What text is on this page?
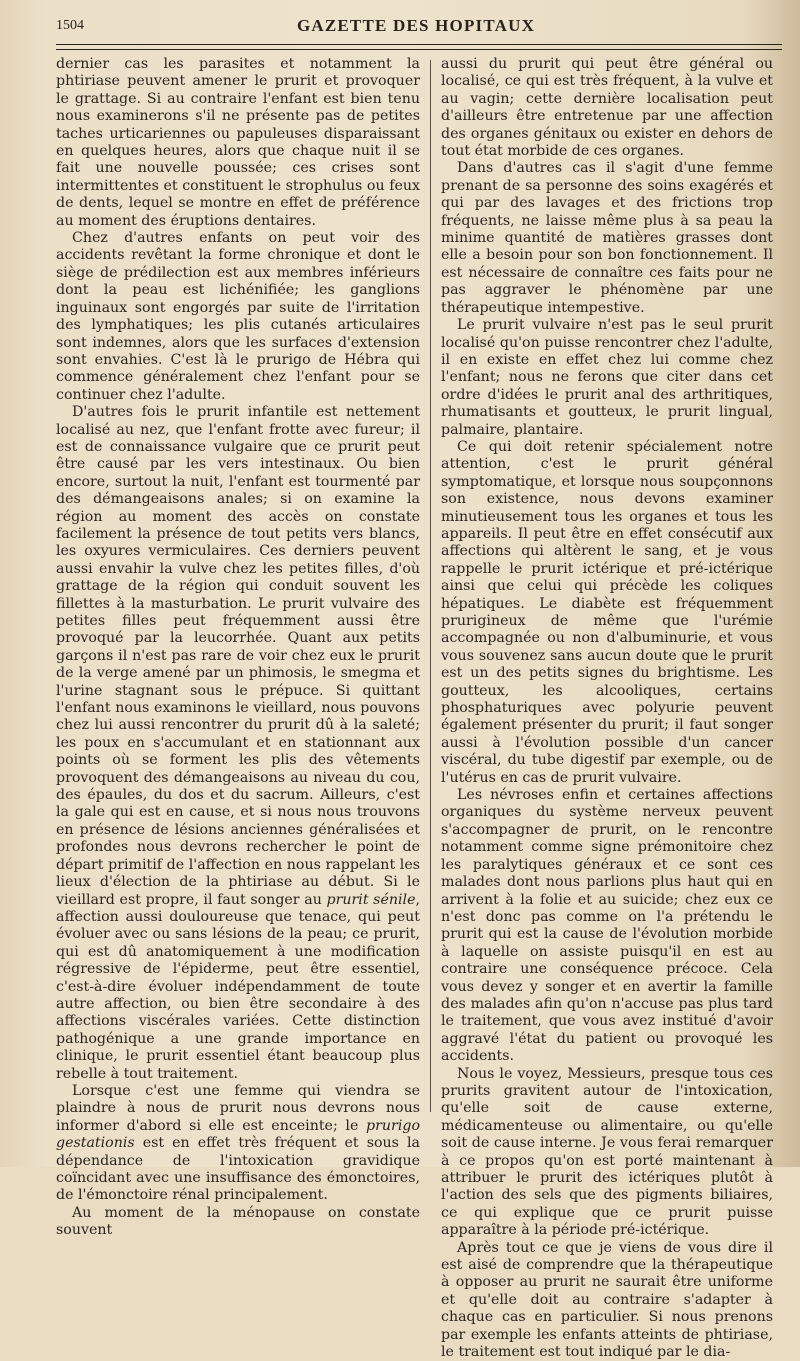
1504	GAZETTE DES HOPITAUX

dernier cas les parasites et notamment la phtiriase peuvent amener le prurit et provoquer le grattage. Si au contraire l'enfant est bien tenu nous examinerons s'il ne présente pas de petites taches urticariennes ou papuleuses disparaissant en quelques heures, alors que chaque nuit il se fait une nouvelle poussée; ces crises sont intermittentes et constituent le strophulus ou feux de dents, lequel se montre en effet de préférence au moment des éruptions dentaires.

Chez d'autres enfants on peut voir des accidents revêtant la forme chronique et dont le siège de prédilection est aux membres inférieurs dont la peau est lichénifiée; les ganglions inguinaux sont engorgés par suite de l'irritation des lymphatiques; les plis cutanés articulaires sont indemnes, alors que les surfaces d'extension sont envahies. C'est là le prurigo de Hébra qui commence généralement chez l'enfant pour se continuer chez l'adulte.

D'autres fois le prurit infantile est nettement localisé au nez, que l'enfant frotte avec fureur; il est de connaissance vulgaire que ce prurit peut être causé par les vers intestinaux. Ou bien encore, surtout la nuit, l'enfant est tourmenté par des démangeaisons anales; si on examine la région au moment des accès on constate facilement la présence de tout petits vers blancs, les oxyures vermiculaires. Ces derniers peuvent aussi envahir la vulve chez les petites filles, d'où grattage de la région qui conduit souvent les fillettes à la masturbation. Le prurit vulvaire des petites filles peut fréquemment aussi être provoqué par la leucorrhée. Quant aux petits garçons il n'est pas rare de voir chez eux le prurit de la verge amené par un phimosis, le smegma et l'urine stagnant sous le prépuce. Si quittant l'enfant nous examinons le vieillard, nous pouvons chez lui aussi rencontrer du prurit dû à la saleté; les poux en s'accumulant et en stationnant aux points où se forment les plis des vêtements provoquent des démangeaisons au niveau du cou, des épaules, du dos et du sacrum. Ailleurs, c'est la gale qui est en cause, et si nous nous trouvons en présence de lésions anciennes généralisées et profondes nous devrons rechercher le point de départ primitif de l'affection en nous rappelant les lieux d'élection de la phtiriase au début. Si le vieillard est propre, il faut songer au prurit sénile, affection aussi douloureuse que tenace, qui peut évoluer avec ou sans lésions de la peau; ce prurit, qui est dû anatomiquement à une modification régressive de l'épiderme, peut être essentiel, c'est-à-dire évoluer indépendamment de toute autre affection, ou bien être secondaire à des affections viscérales variées. Cette distinction pathogénique a une grande importance en clinique, le prurit essentiel étant beaucoup plus rebelle à tout traitement.

Lorsque c'est une femme qui viendra se plaindre à nous de prurit nous devrons nous informer d'abord si elle est enceinte; le prurigo gestationis est en effet très fréquent et sous la dépendance de l'intoxication gravidique coïncidant avec une insuffisance des émonctoires, de l'émonctoire rénal principalement.

Au moment de la ménopause on constate souvent

aussi du prurit qui peut être général ou localisé, ce qui est très fréquent, à la vulve et au vagin; cette dernière localisation peut d'ailleurs être entretenue par une affection des organes génitaux ou exister en dehors de tout état morbide de ces organes.

Dans d'autres cas il s'agit d'une femme prenant de sa personne des soins exagérés et qui par des lavages et des frictions trop fréquents, ne laisse même plus à sa peau la minime quantité de matières grasses dont elle a besoin pour son bon fonctionnement. Il est nécessaire de connaître ces faits pour ne pas aggraver le phénomène par une thérapeutique intempestive.

Le prurit vulvaire n'est pas le seul prurit localisé qu'on puisse rencontrer chez l'adulte, il en existe en effet chez lui comme chez l'enfant; nous ne ferons que citer dans cet ordre d'idées le prurit anal des arthritiques, rhumatisants et goutteux, le prurit lingual, palmaire, plantaire.

Ce qui doit retenir spécialement notre attention, c'est le prurit général symptomatique, et lorsque nous soupçonnons son existence, nous devons examiner minutieusement tous les organes et tous les appareils. Il peut être en effet consécutif aux affections qui altèrent le sang, et je vous rappelle le prurit ictérique et pré-ictérique ainsi que celui qui précède les coliques hépatiques. Le diabète est fréquemment prurigineux de même que l'urémie accompagnée ou non d'albuminurie, et vous vous souvenez sans aucun doute que le prurit est un des petits signes du brightisme. Les goutteux, les alcooliques, certains phosphaturiques avec polyurie peuvent également présenter du prurit; il faut songer aussi à l'évolution possible d'un cancer viscéral, du tube digestif par exemple, ou de l'utérus en cas de prurit vulvaire.

Les névroses enfin et certaines affections organiques du système nerveux peuvent s'accompagner de prurit, on le rencontre notamment comme signe prémonitoire chez les paralytiques généraux et ce sont ces malades dont nous parlions plus haut qui en arrivent à la folie et au suicide; chez eux ce n'est donc pas comme on l'a prétendu le prurit qui est la cause de l'évolution morbide à laquelle on assiste puisqu'il en est au contraire une conséquence précoce. Cela vous devez y songer et en avertir la famille des malades afin qu'on n'accuse pas plus tard le traitement, que vous avez institué d'avoir aggravé l'état du patient ou provoqué les accidents.

Nous le voyez, Messieurs, presque tous ces prurits gravitent autour de l'intoxication, qu'elle soit de cause externe, médicamenteuse ou alimentaire, ou qu'elle soit de cause interne. Je vous ferai remarquer à ce propos qu'on est porté maintenant à attribuer le prurit des ictériques plutôt à l'action des sels que des pigments biliaires, ce qui explique que ce prurit puisse apparaître à la période pré-ictérique.

Après tout ce que je viens de vous dire il est aisé de comprendre que la thérapeutique à opposer au prurit ne saurait être uniforme et qu'elle doit au contraire s'adapter à chaque cas en particulier. Si nous prenons par exemple les enfants atteints de phtiriase, le traitement est tout indiqué par le dia-
